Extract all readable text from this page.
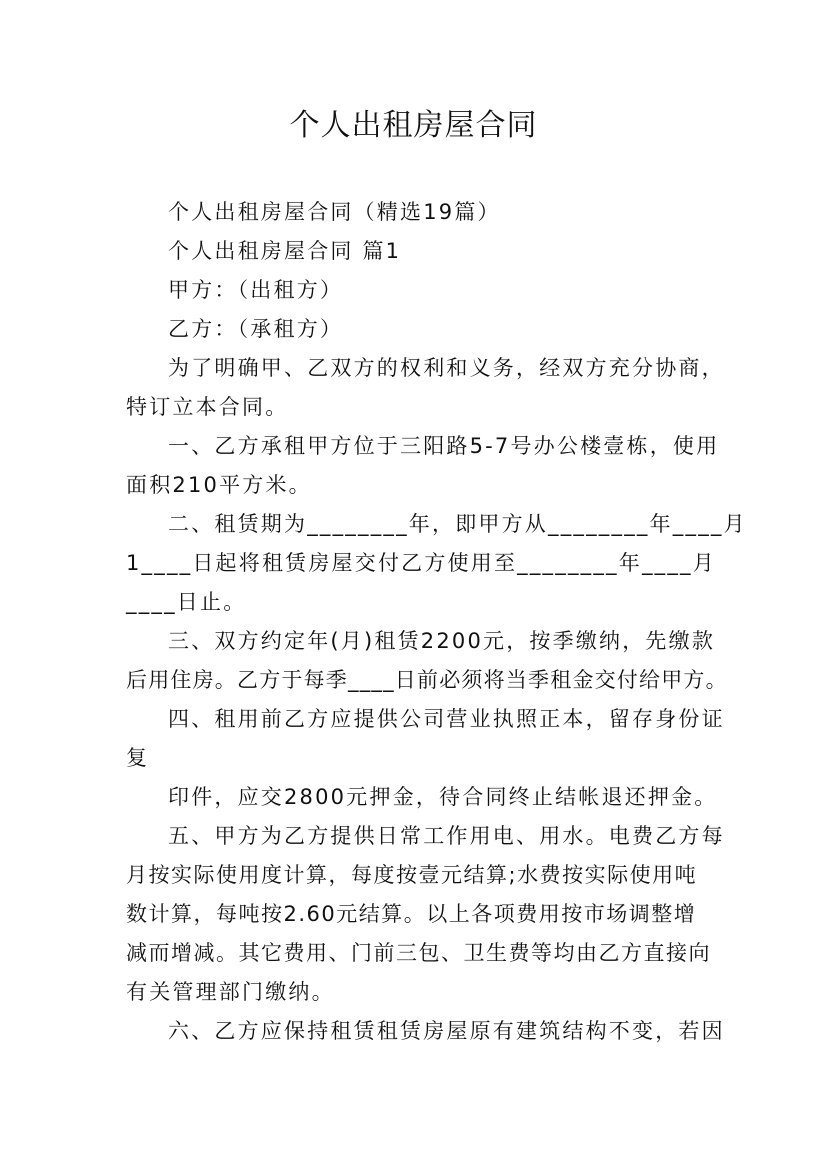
个人出租房屋合同
个人出租房屋合同（精选19篇）
个人出租房屋合同 篇1
甲方：（出租方）
乙方：（承租方）
为了明确甲、乙双方的权利和义务，经双方充分协商，
特订立本合同。
一、乙方承租甲方位于三阳路5-7号办公楼壹栋，使用
面积210平方米。
二、租赁期为________年，即甲方从________年____月
1____日起将租赁房屋交付乙方使用至________年____月
____日止。
三、双方约定年(月)租赁2200元，按季缴纳，先缴款
后用住房。乙方于每季____日前必须将当季租金交付给甲方。
四、租用前乙方应提供公司营业执照正本，留存身份证
复
印件，应交2800元押金，待合同终止结帐退还押金。
五、甲方为乙方提供日常工作用电、用水。电费乙方每
月按实际使用度计算，每度按壹元结算;水费按实际使用吨
数计算，每吨按2.60元结算。以上各项费用按市场调整增
减而增减。其它费用、门前三包、卫生费等均由乙方直接向
有关管理部门缴纳。
六、乙方应保持租赁租赁房屋原有建筑结构不变，若因
